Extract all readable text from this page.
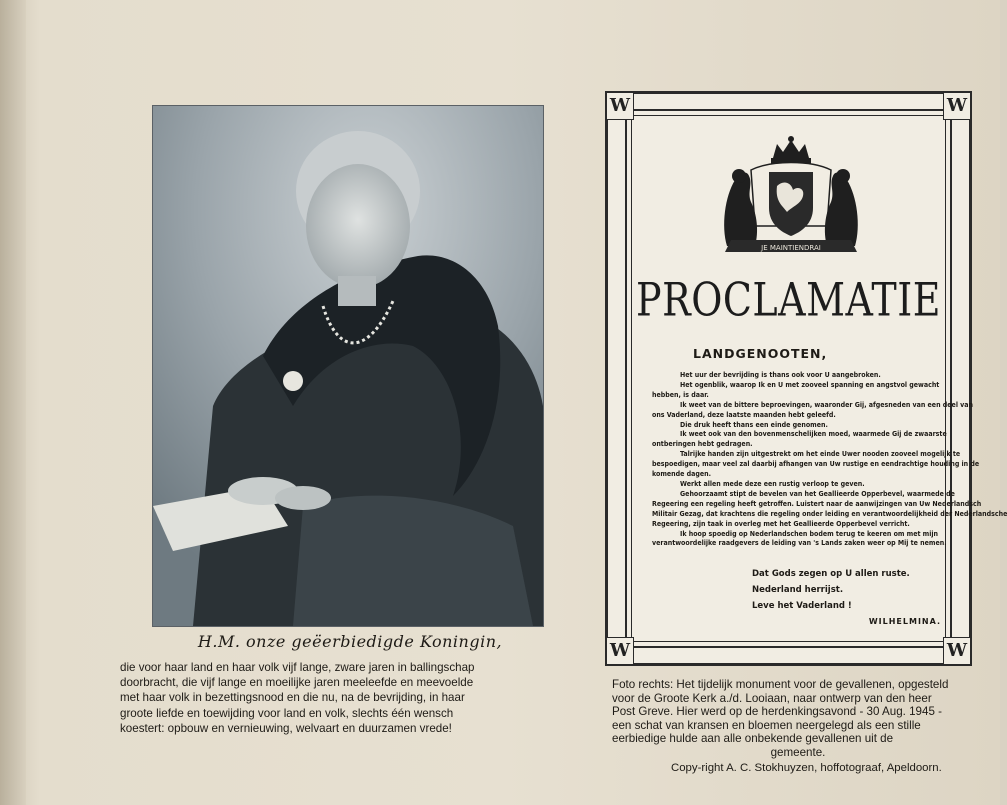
H.M. onze geëerbiedigde Koningin,
die voor haar land en haar volk vijf lange, zware jaren in ballingschap
doorbracht, die vijf lange en moeilijke jaren meeleefde en meevoelde
met haar volk in bezettingsnood en die nu, na de bevrijding, in haar
groote liefde en toewijding voor land en volk, slechts één wensch
koestert: opbouw en vernieuwing, welvaart en duurzamen vrede!
W	W
W	W
JE MAINTIENDRAI
PROCLAMATIE
LANDGENOOTEN,
Het uur der bevrijding is thans ook voor U aangebroken.
Het ogenblik, waarop Ik en U met zooveel spanning en angstvol gewacht
hebben, is daar.
Ik weet van de bittere beproevingen, waaronder Gij, afgesneden van een deel van
ons Vaderland, deze laatste maanden hebt geleefd.
Die druk heeft thans een einde genomen.
Ik weet ook van den bovenmenschelijken moed, waarmede Gij de zwaarste
ontberingen hebt gedragen.
Talrijke handen zijn uitgestrekt om het einde Uwer nooden zooveel mogelijk te
bespoedigen, maar veel zal daarbij afhangen van Uw rustige en eendrachtige houding in de
komende dagen.
Werkt allen mede deze een rustig verloop te geven.
Gehoorzaamt stipt de bevelen van het Geallieerde Opperbevel, waarmede de
Regeering een regeling heeft getroffen. Luistert naar de aanwijzingen van Uw Nederlandsch
Militair Gezag, dat krachtens die regeling onder leiding en verantwoordelijkheid der Nederlandsche
Regeering, zijn taak in overleg met het Geallieerde Opperbevel verricht.
Ik hoop spoedig op Nederlandschen bodem terug te keeren om met mijn
verantwoordelijke raadgevers de leiding van 's Lands zaken weer op Mij te nemen.
Dat Gods zegen op U allen ruste.
Nederland herrijst.
Leve het Vaderland !
WILHELMINA.
Foto rechts: Het tijdelijk monument voor de gevallenen, opgesteld
voor de Groote Kerk a./d. Looiaan, naar ontwerp van den heer
Post Greve. Hier werd op de herdenkingsavond - 30 Aug. 1945 -
een schat van kransen en bloemen neergelegd als een stille
eerbiedige hulde aan alle onbekende gevallenen uit de
gemeente.
Copy-right A. C. Stokhuyzen, hoffotograaf, Apeldoorn.
